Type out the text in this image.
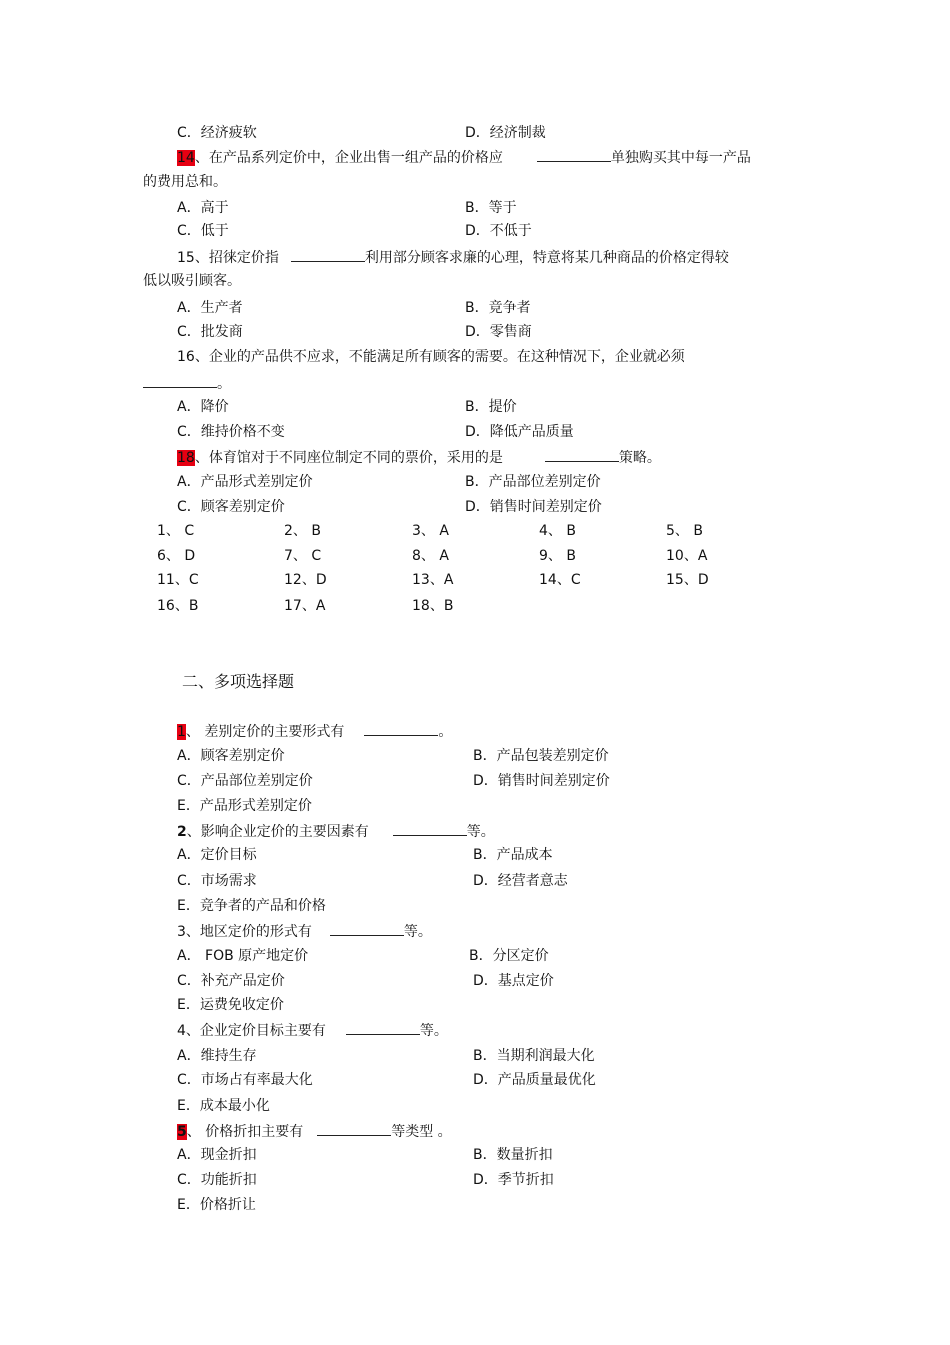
C．经济疲软	D．经济制裁
14、在产品系列定价中，企业出售一组产品的价格应	单独购买其中每一产品
的费用总和。
A．高于	B．等于
C．低于	D．不低于
15、招徕定价指	利用部分顾客求廉的心理，特意将某几种商品的价格定得较
低以吸引顾客。
A．生产者	B．竞争者
C．批发商	D．零售商
16、企业的产品供不应求，不能满足所有顾客的需要。在这种情况下，企业就必须
。
A．降价	B．提价
C．维持价格不变	D．降低产品质量
18、体育馆对于不同座位制定不同的票价，采用的是	策略。
A．产品形式差别定价	B．产品部位差别定价
C．顾客差别定价	D．销售时间差别定价
1、 C	2、 B	3、 A	4、 B	5、 B
6、 D	7、 C	8、 A	9、 B	10、A
11、C	12、D	13、A	14、C	15、D
16、B	17、A	18、B
二、多项选择题
1、 差别定价的主要形式有	。
A．顾客差别定价	B．产品包装差别定价
C．产品部位差别定价	D．销售时间差别定价
E．产品形式差别定价
2、影响企业定价的主要因素有	等。
A．定价目标	B．产品成本
C．市场需求	D．经营者意志
E．竞争者的产品和价格
3、地区定价的形式有	等。
A． FOB 原产地定价	B．分区定价
C．补充产品定价	D．基点定价
E．运费免收定价
4、企业定价目标主要有	等。
A．维持生存	B．当期利润最大化
C．市场占有率最大化	D．产品质量最优化
E．成本最小化
5、 价格折扣主要有	等类型 。
A．现金折扣	B．数量折扣
C．功能折扣	D．季节折扣
E．价格折让
